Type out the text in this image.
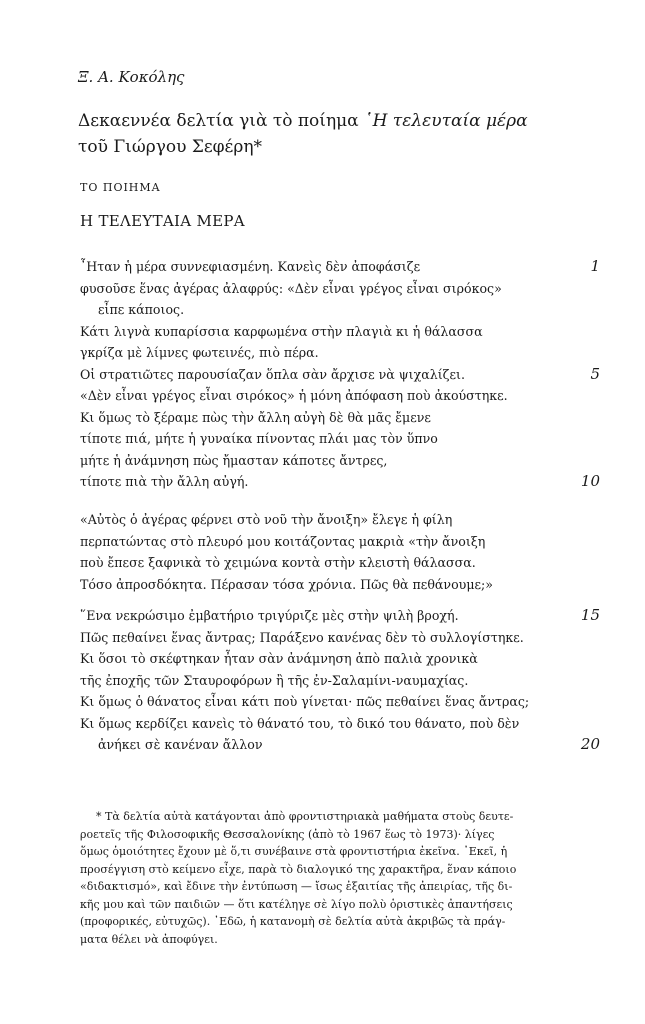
Ξ. Α. Κοκόλης
Δεκαεννέα δελτία γιὰ τὸ ποίημα ῾Η τελευταία μέρα
τοῦ Γιώργου Σεφέρη*
ΤΟ ΠΟΙΗΜΑ
Η ΤΕΛΕΥΤΑΙΑ ΜΕΡΑ
῏Ηταν ἡ μέρα συννεφιασμένη. Κανεὶς δὲν ἀποφάσιζε	1
φυσοῦσε ἕνας ἀγέρας ἀλαφρύς: «Δὲν εἶναι γρέγος εἶναι σιρόκος»
εἶπε κάποιος.
Κάτι λιγνὰ κυπαρίσσια καρφωμένα στὴν πλαγιὰ κι ἡ θάλασσα
γκρίζα μὲ λίμνες φωτεινές, πιὸ πέρα.
Οἱ στρατιῶτες παρουσίαζαν ὅπλα σὰν ἄρχισε νὰ ψιχαλίζει.	5
«Δὲν εἶναι γρέγος εἶναι σιρόκος» ἡ μόνη ἀπόφαση ποὺ ἀκούστηκε.
Κι ὅμως τὸ ξέραμε πὼς τὴν ἄλλη αὐγὴ δὲ θὰ μᾶς ἔμενε
τίποτε πιά, μήτε ἡ γυναίκα πίνοντας πλάι μας τὸν ὕπνο
μήτε ἡ ἀνάμνηση πὼς ἤμασταν κάποτες ἄντρες,
τίποτε πιὰ τὴν ἄλλη αὐγή.	10
«Αὐτὸς ὁ ἀγέρας φέρνει στὸ νοῦ τὴν ἄνοιξη» ἔλεγε ἡ φίλη
περπατώντας στὸ πλευρό μου κοιτάζοντας μακριὰ «τὴν ἄνοιξη
ποὺ ἔπεσε ξαφνικὰ τὸ χειμώνα κοντὰ στὴν κλειστὴ θάλασσα.
Τόσο ἀπροσδόκητα. Πέρασαν τόσα χρόνια. Πῶς θὰ πεθάνουμε;»
῞Ενα νεκρώσιμο ἐμβατήριο τριγύριζε μὲς στὴν ψιλὴ βροχή.	15
Πῶς πεθαίνει ἕνας ἄντρας; Παράξενο κανένας δὲν τὸ συλλογίστηκε.
Κι ὅσοι τὸ σκέφτηκαν ἦταν σὰν ἀνάμνηση ἀπὸ παλιὰ χρονικὰ
τῆς ἐποχῆς τῶν Σταυροφόρων ἢ τῆς ἐν-Σαλαμίνι-ναυμαχίας.
Κι ὅμως ὁ θάνατος εἶναι κάτι ποὺ γίνεται· πῶς πεθαίνει ἕνας ἄντρας;
Κι ὅμως κερδίζει κανεὶς τὸ θάνατό του, τὸ δικό του θάνατο, ποὺ δὲν
ἀνήκει σὲ κανέναν ἄλλον	20
* Τὰ δελτία αὐτὰ κατάγονται ἀπὸ φροντιστηριακὰ μαθήματα στοὺς δευτε-
ροετεῖς τῆς Φιλοσοφικῆς Θεσσαλονίκης (ἀπὸ τὸ 1967 ἕως τὸ 1973)· λίγες
ὅμως ὁμοιότητες ἔχουν μὲ ὅ,τι συνέβαινε στὰ φροντιστήρια ἐκεῖνα. ᾿Εκεῖ, ἡ
προσέγγιση στὸ κείμενο εἶχε, παρὰ τὸ διαλογικό της χαρακτῆρα, ἕναν κάποιο
«διδακτισμό», καὶ ἔδινε τὴν ἐντύπωση — ἴσως ἐξαιτίας τῆς ἀπειρίας, τῆς δι-
κῆς μου καὶ τῶν παιδιῶν — ὅτι κατέληγε σὲ λίγο πολὺ ὁριστικὲς ἀπαντήσεις
(προφορικές, εὐτυχῶς). ᾿Εδῶ, ἡ κατανομὴ σὲ δελτία αὐτὰ ἀκριβῶς τὰ πράγ-
ματα θέλει νὰ ἀποφύγει.
